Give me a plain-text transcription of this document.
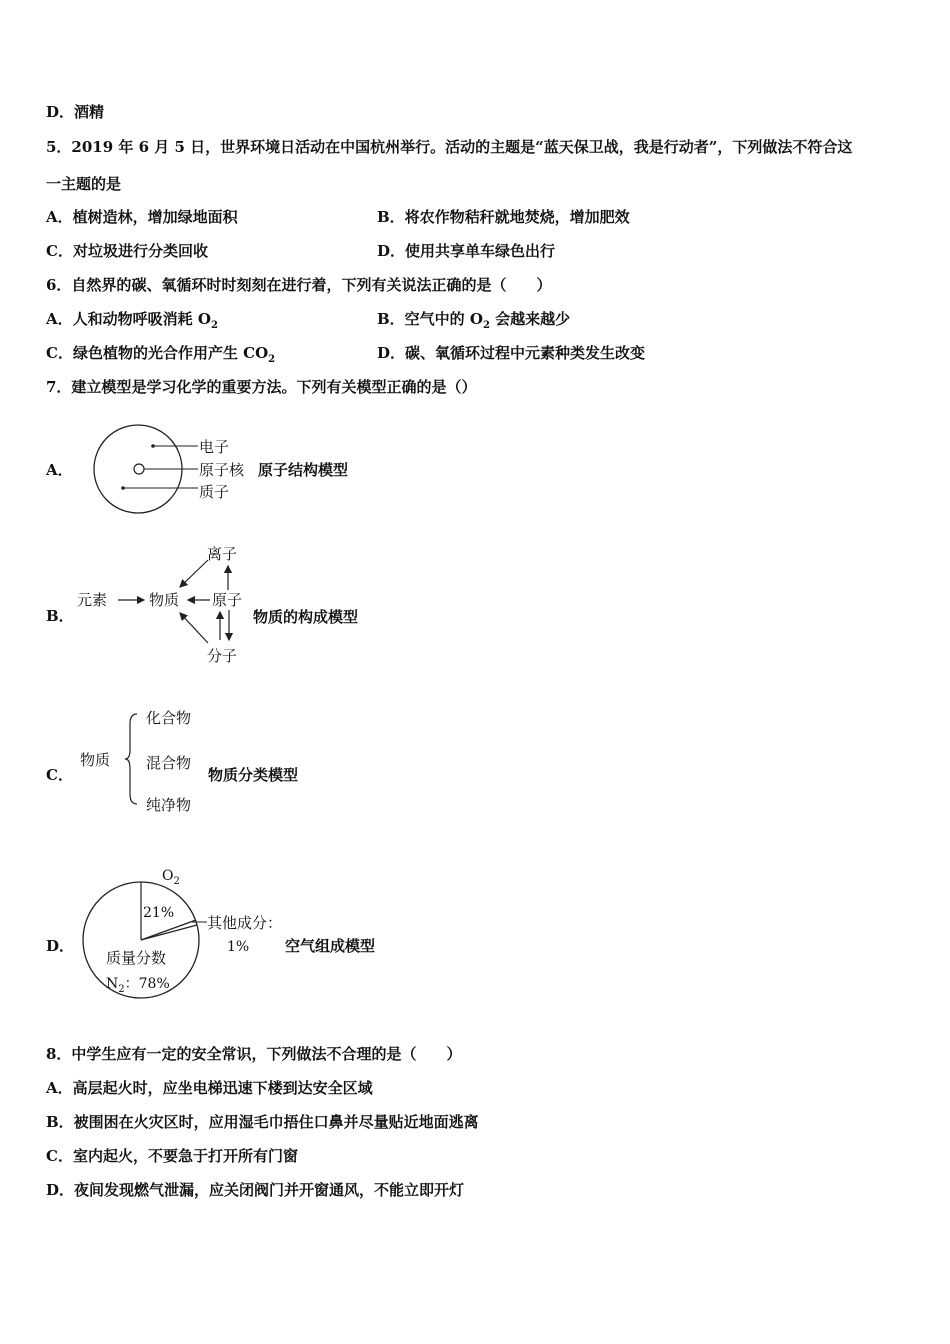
D．酒精
5．2019 年 6 月 5 日，世界环境日活动在中国杭州举行。活动的主题是“蓝天保卫战，我是行动者”，下列做法不符合这
一主题的是
A．植树造林，增加绿地面积	B．将农作物秸秆就地焚烧，增加肥效
C．对垃圾进行分类回收	D．使用共享单车绿色出行
6．自然界的碳、氧循环时时刻刻在进行着，下列有关说法正确的是（　　）
A．人和动物呼吸消耗 $O_2$	B．空气中的 $O_2$ 会越来越少
C．绿色植物的光合作用产生 $CO_2$	D．碳、氧循环过程中元素种类发生改变
7．建立模型是学习化学的重要方法。下列有关模型正确的是（）
A．
电子
原子核
质子
原子结构模型
B．
离子
元素	物质 原子
分子
物质的构成模型
C．
物质
化合物
混合物
纯净物
物质分类模型
D．
$O_2$
21%
其他成分：
1%
质量分数
$N_2$：78%
空气组成模型
8．中学生应有一定的安全常识，下列做法不合理的是（　　）
A．高层起火时，应坐电梯迅速下楼到达安全区域
B．被围困在火灾区时，应用湿毛巾捂住口鼻并尽量贴近地面逃离
C．室内起火，不要急于打开所有门窗
D．夜间发现燃气泄漏，应关闭阀门并开窗通风，不能立即开灯
